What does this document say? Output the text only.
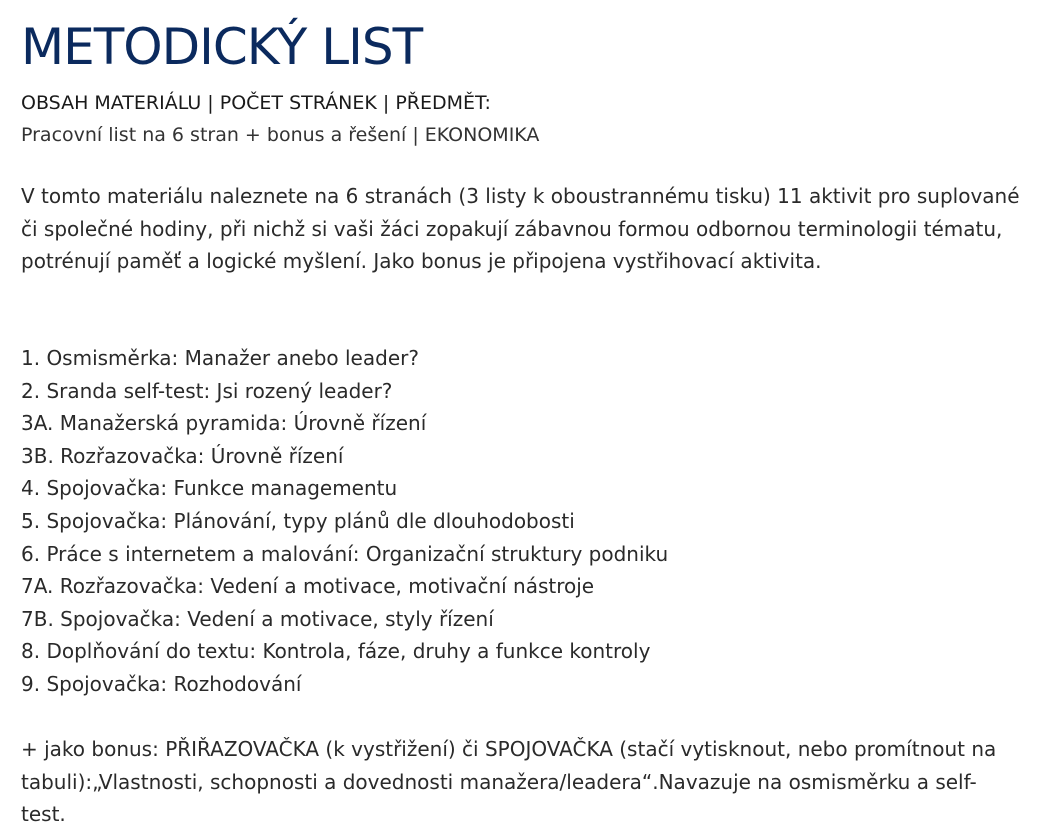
METODICKÝ LIST
OBSAH MATERIÁLU | POČET STRÁNEK | PŘEDMĚT:
Pracovní list na 6 stran + bonus a řešení | EKONOMIKA

V tomto materiálu naleznete na 6 stranách (3 listy k oboustrannému tisku) 11 aktivit pro suplované či společné hodiny, při nichž si vaši žáci zopakují zábavnou formou odbornou terminologii tématu, potrénují paměť a logické myšlení. Jako bonus je připojena vystřihovací aktivita.

1. Osmisměrka: Manažer anebo leader?
2. Sranda self-test: Jsi rozený leader?
3A. Manažerská pyramida: Úrovně řízení
3B. Rozřazovačka: Úrovně řízení
4. Spojovačka: Funkce managementu
5. Spojovačka: Plánování, typy plánů dle dlouhodobosti
6. Práce s internetem a malování: Organizační struktury podniku
7A. Rozřazovačka: Vedení a motivace, motivační nástroje
7B. Spojovačka: Vedení a motivace, styly řízení
8. Doplňování do textu: Kontrola, fáze, druhy a funkce kontroly
9. Spojovačka: Rozhodování

+ jako bonus: PŘIŘAZOVAČKA (k vystřižení) či SPOJOVAČKA (stačí vytisknout, nebo promítnout na tabuli):„Vlastnosti, schopnosti a dovednosti manažera/leadera“.Navazuje na osmisměrku a self-test.
